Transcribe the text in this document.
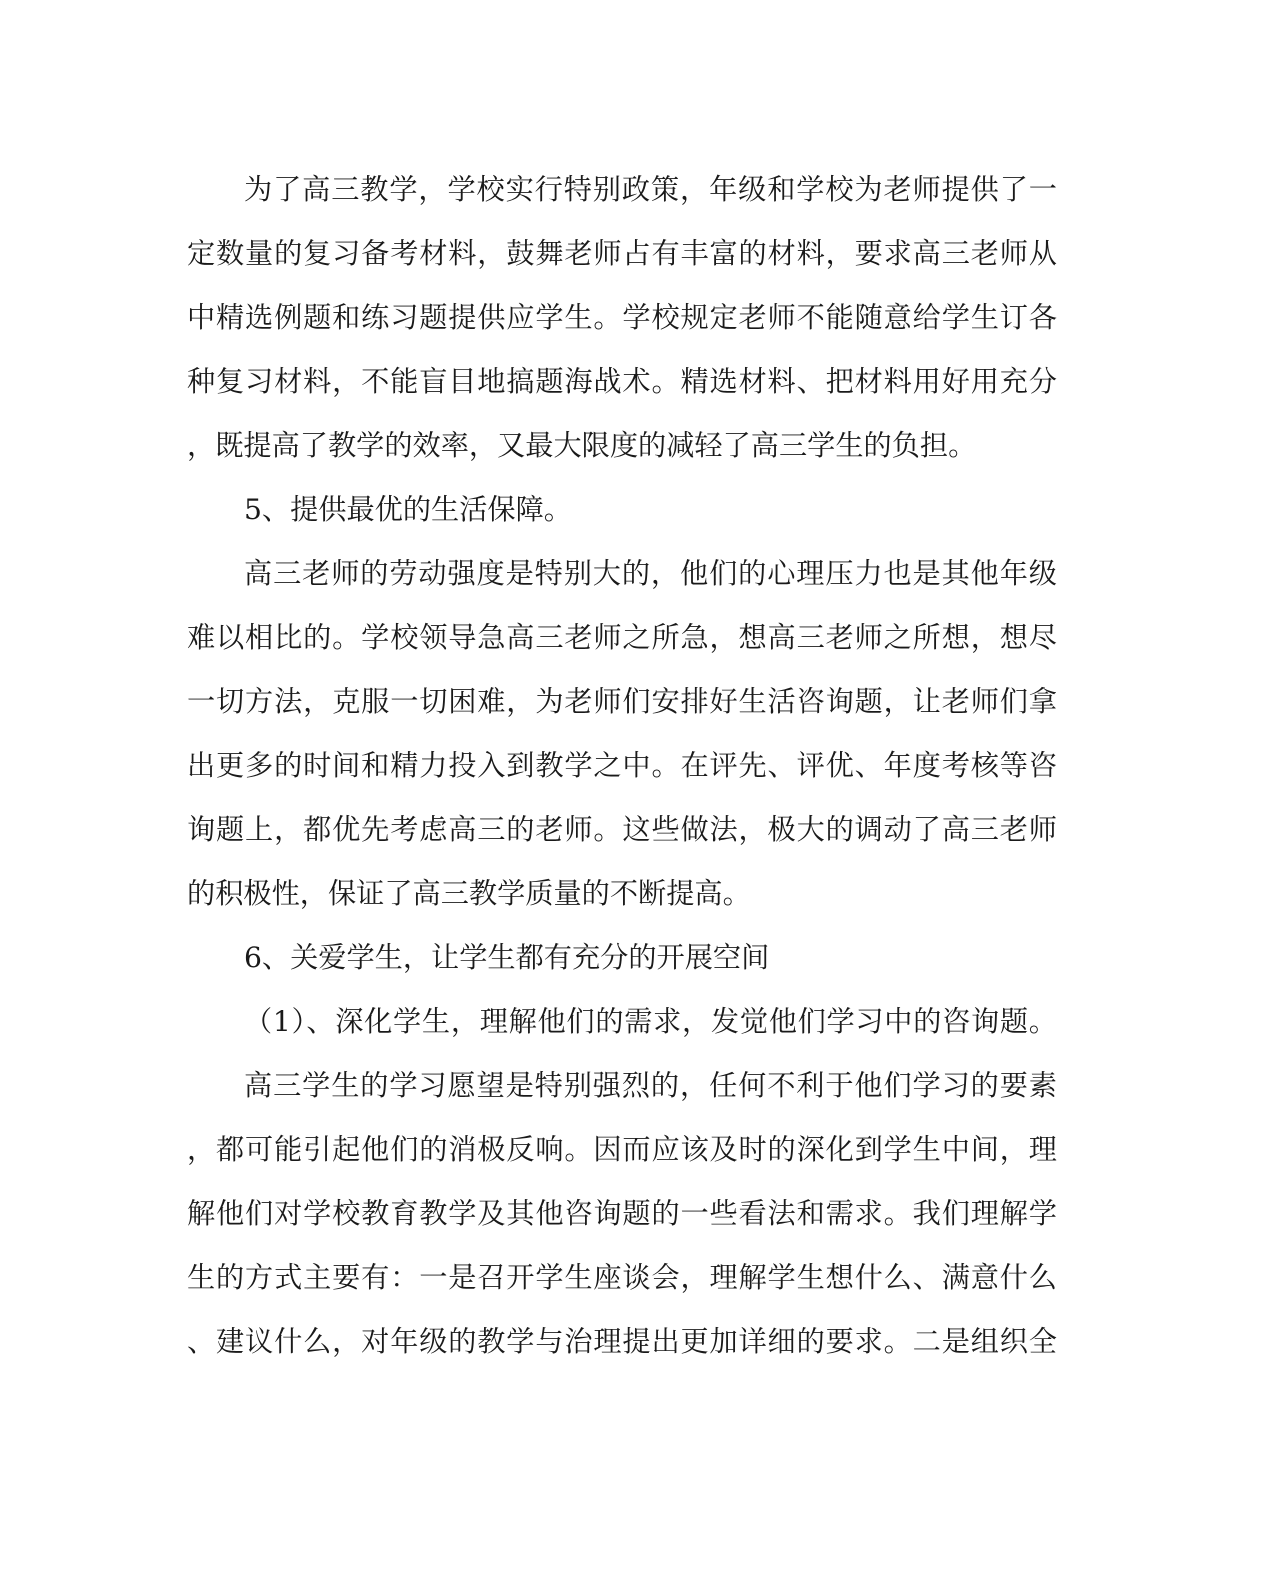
为了高三教学，学校实行特别政策，年级和学校为老师提供了一
定数量的复习备考材料，鼓舞老师占有丰富的材料，要求高三老师从
中精选例题和练习题提供应学生。学校规定老师不能随意给学生订各
种复习材料，不能盲目地搞题海战术。精选材料、把材料用好用充分
，既提高了教学的效率，又最大限度的减轻了高三学生的负担。
5、提供最优的生活保障。
高三老师的劳动强度是特别大的，他们的心理压力也是其他年级
难以相比的。学校领导急高三老师之所急，想高三老师之所想，想尽
一切方法，克服一切困难，为老师们安排好生活咨询题，让老师们拿
出更多的时间和精力投入到教学之中。在评先、评优、年度考核等咨
询题上，都优先考虑高三的老师。这些做法，极大的调动了高三老师
的积极性，保证了高三教学质量的不断提高。
6、关爱学生，让学生都有充分的开展空间
（1）、深化学生，理解他们的需求，发觉他们学习中的咨询题。
高三学生的学习愿望是特别强烈的，任何不利于他们学习的要素
，都可能引起他们的消极反响。因而应该及时的深化到学生中间，理
解他们对学校教育教学及其他咨询题的一些看法和需求。我们理解学
生的方式主要有：一是召开学生座谈会，理解学生想什么、满意什么
、建议什么，对年级的教学与治理提出更加详细的要求。二是组织全
